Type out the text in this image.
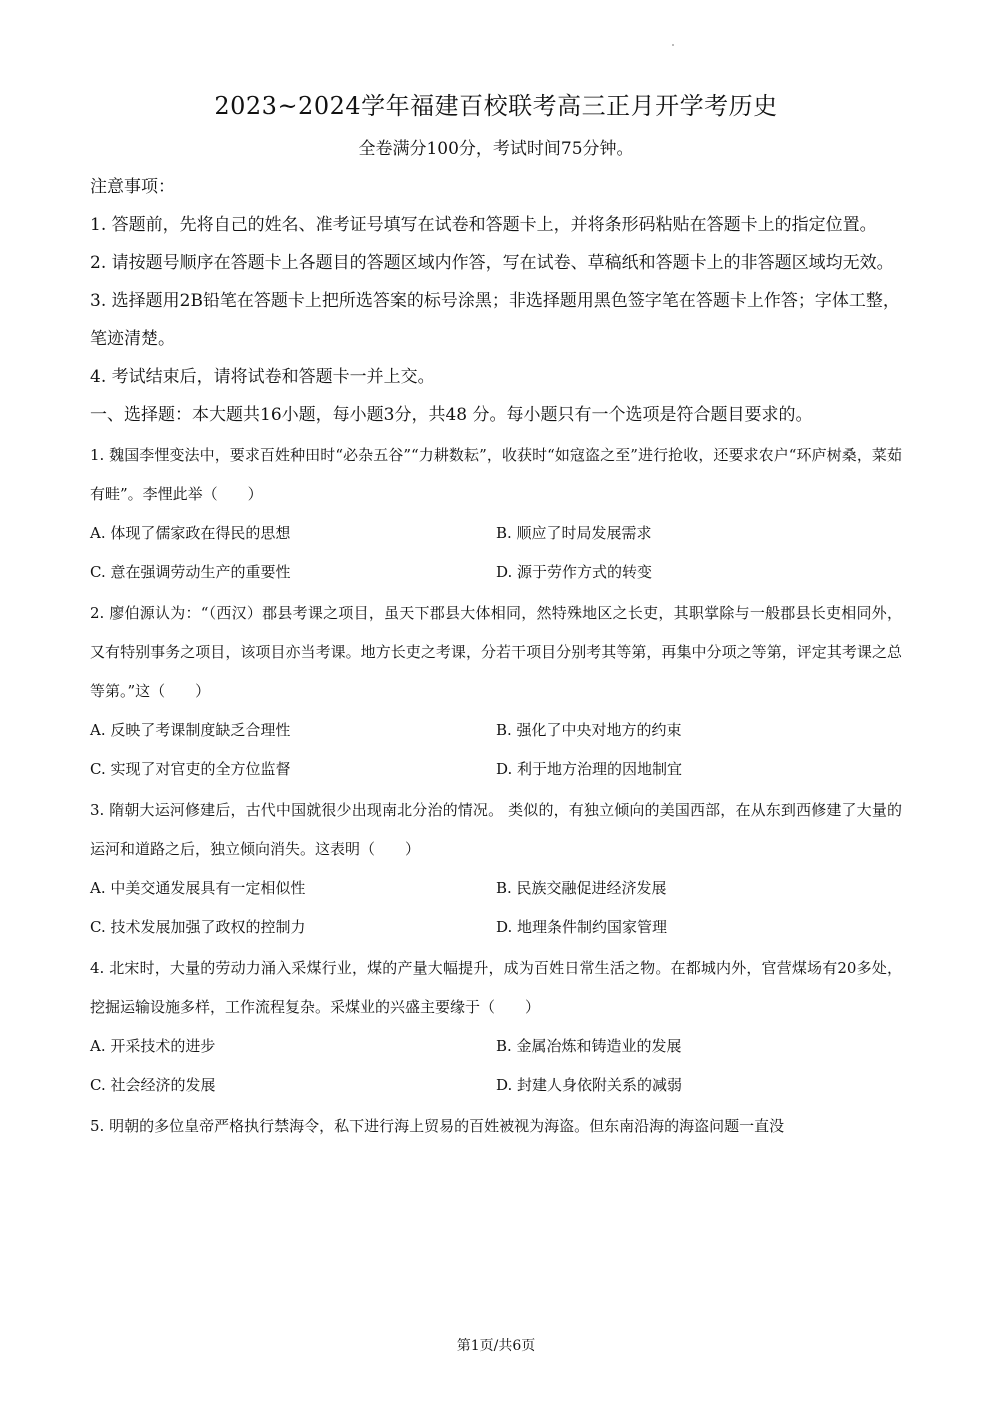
2023~2024学年福建百校联考高三正月开学考历史
全卷满分100分，考试时间75分钟。

注意事项：

1. 答题前，先将自己的姓名、准考证号填写在试卷和答题卡上，并将条形码粘贴在答题卡上的指定位置。

2. 请按题号顺序在答题卡上各题目的答题区域内作答，写在试卷、草稿纸和答题卡上的非答题区域均无效。

3. 选择题用2B铅笔在答题卡上把所选答案的标号涂黑；非选择题用黑色签字笔在答题卡上作答；字体工整，笔迹清楚。

4. 考试结束后，请将试卷和答题卡一并上交。

一、选择题：本大题共16小题，每小题3分，共48 分。每小题只有一个选项是符合题目要求的。

1. 魏国李悝变法中，要求百姓种田时“必杂五谷”“力耕数耘”，收获时“如寇盗之至”进行抢收，还要求农户“环庐树桑，菜茹有畦”。李悝此举（　　）

A. 体现了儒家政在得民的思想	B. 顺应了时局发展需求
C. 意在强调劳动生产的重要性	D. 源于劳作方式的转变

2. 廖伯源认为：“（西汉）郡县考课之项目，虽天下郡县大体相同，然特殊地区之长吏，其职掌除与一般郡县长吏相同外，又有特别事务之项目，该项目亦当考课。地方长吏之考课，分若干项目分别考其等第，再集中分项之等第，评定其考课之总等第。”这（　　）

A. 反映了考课制度缺乏合理性	B. 强化了中央对地方的约束
C. 实现了对官吏的全方位监督	D. 利于地方治理的因地制宜

3. 隋朝大运河修建后，古代中国就很少出现南北分治的情况。 类似的，有独立倾向的美国西部，在从东到西修建了大量的运河和道路之后，独立倾向消失。这表明（　　）

A. 中美交通发展具有一定相似性	B. 民族交融促进经济发展
C. 技术发展加强了政权的控制力	D. 地理条件制约国家管理

4. 北宋时，大量的劳动力涌入采煤行业，煤的产量大幅提升，成为百姓日常生活之物。在都城内外，官营煤场有20多处，挖掘运输设施多样，工作流程复杂。采煤业的兴盛主要缘于（　　）

A. 开采技术的进步	B. 金属冶炼和铸造业的发展
C. 社会经济的发展	D. 封建人身依附关系的减弱

5. 明朝的多位皇帝严格执行禁海令，私下进行海上贸易的百姓被视为海盗。但东南沿海的海盗问题一直没

第1页/共6页
